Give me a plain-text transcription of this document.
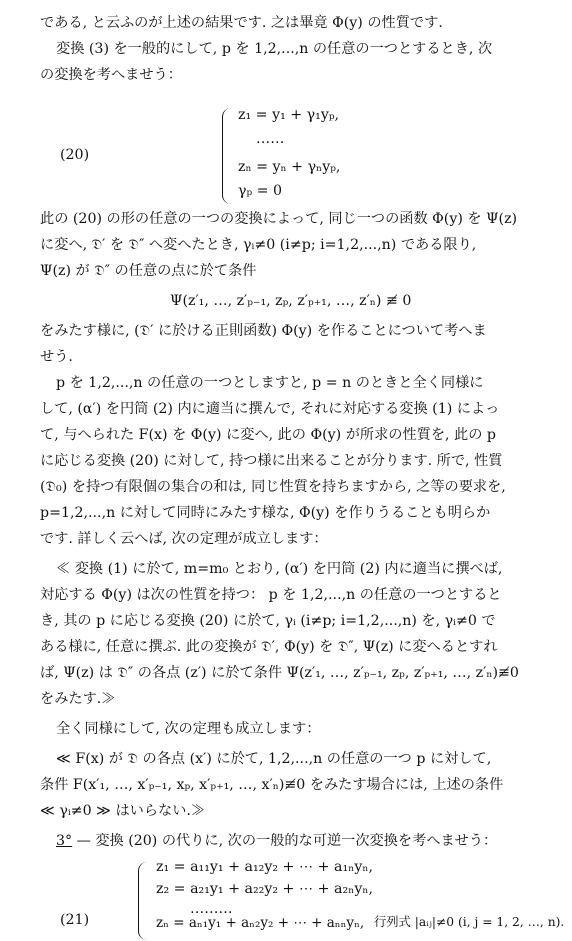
である, と云ふのが上述の結果です. 之は畢竟 Φ(y) の性質です.
変換 (3) を一般的にして, p を 1,2,...,n の任意の一つとするとき, 次
の変換を考へませう：
(20)
z₁ = y₁ + γ₁yₚ,
……
zₙ = yₙ + γₙyₚ,
γₚ = 0
此の (20) の形の任意の一つの変換によって, 同じ一つの函数 Φ(y) を Ψ(z)
に変へ, 𝔇′ を 𝔇″ へ変へたとき, γᵢ≠0 (i≠p; i=1,2,...,n) である限り,
Ψ(z) が 𝔇″ の任意の点に於て条件
Ψ(z′₁, …, z′ₚ₋₁, zₚ, z′ₚ₊₁, …, z′ₙ) ≢ 0
をみたす様に, (𝔇′ に於ける正則函数) Φ(y) を作ることについて考へま
せう.
p を 1,2,...,n の任意の一つとしますと, p = n のときと全く同様に
して, (α′) を円筒 (2) 内に適当に撰んで, それに対応する変換 (1) によっ
て, 与へられた F(x) を Φ(y) に変へ, 此の Φ(y) が所求の性質を, 此の p
に応じる変換 (20) に対して, 持つ様に出来ることが分ります. 所で, 性質
(𝔇₀) を持つ有限個の集合の和は, 同じ性質を持ちますから, 之等の要求を,
p=1,2,...,n に対して同時にみたす様な, Φ(y) を作りうることも明らか
です. 詳しく云へば, 次の定理が成立します：
≪ 変換 (1) に於て, m=m₀ とおり, (α′) を円筒 (2) 内に適当に撰べば,
対応する Φ(y) は次の性質を持つ： p を 1,2,...,n の任意の一つとすると
き, 其の p に応じる変換 (20) に於て, γᵢ (i≠p; i=1,2,...,n) を, γᵢ≠0 で
ある様に, 任意に撰ぶ. 此の変換が 𝔇′, Φ(y) を 𝔇″, Ψ(z) に変へるとすれ
ば, Ψ(z) は 𝔇″ の各点 (z′) に於て条件 Ψ(z′₁, …, z′ₚ₋₁, zₚ, z′ₚ₊₁, …, z′ₙ)≢0
をみたす.≫
全く同様にして, 次の定理も成立します：
≪ F(x) が 𝔇 の各点 (x′) に於て, 1,2,...,n の任意の一つ p に対して,
条件 F(x′₁, …, x′ₚ₋₁, xₚ, x′ₚ₊₁, …, x′ₙ)≢0 をみたす場合には, 上述の条件
≪ γᵢ≠0 ≫ はいらない.≫
3° — 変換 (20) の代りに, 次の一般的な可逆一次変換を考へませう：
(21)
z₁ = a₁₁y₁ + a₁₂y₂ + ⋯ + a₁ₙyₙ,
z₂ = a₂₁y₁ + a₂₂y₂ + ⋯ + a₂ₙyₙ,
………
zₙ = aₙ₁y₁ + aₙ₂y₂ + ⋯ + aₙₙyₙ, 行列式 |aᵢⱼ|≠0 (i, j = 1, 2, …, n).
